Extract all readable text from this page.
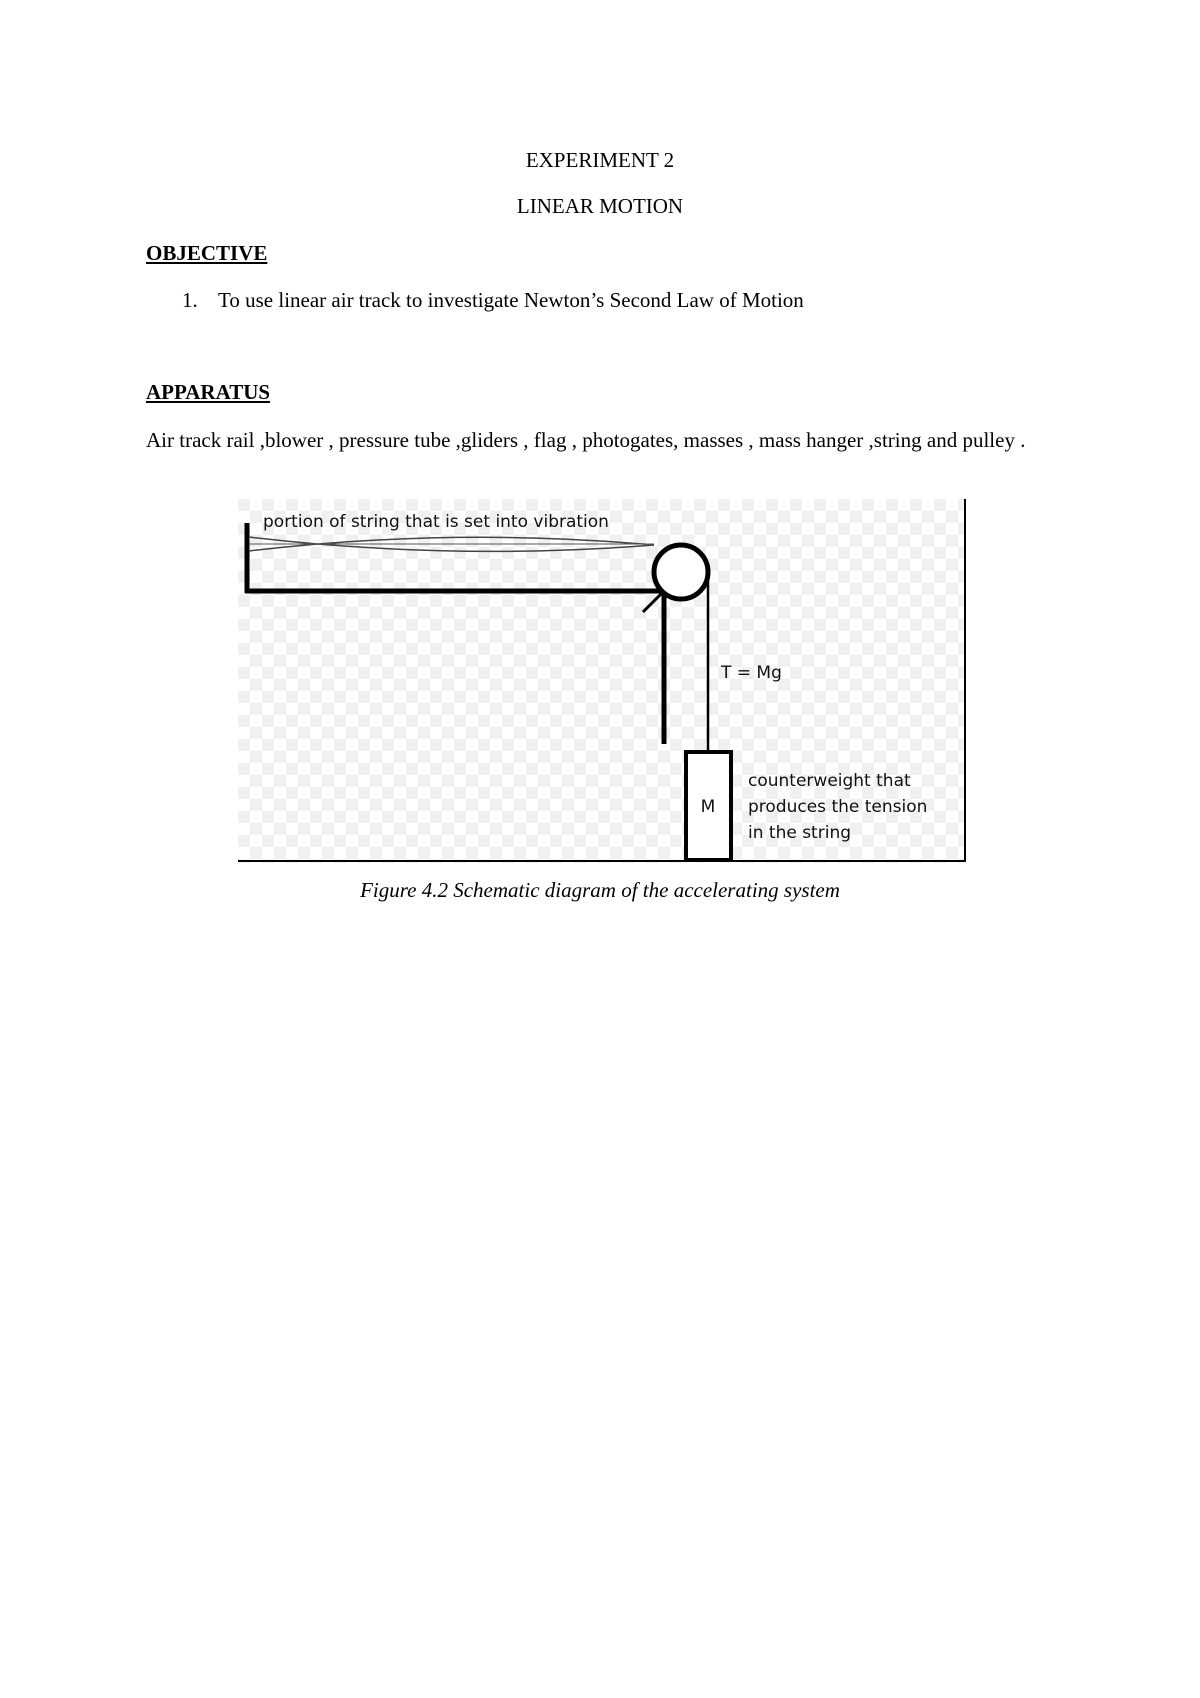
EXPERIMENT 2
LINEAR MOTION
OBJECTIVE
1. To use linear air track to investigate Newton’s Second Law of Motion
APPARATUS
Air track rail ,blower , pressure tube ,gliders , flag , photogates, masses , mass hanger ,string and pulley .
portion of string that is set into vibration
T = Mg
M
counterweight that
produces the tension
in the string
Figure 4.2 Schematic diagram of the accelerating system
